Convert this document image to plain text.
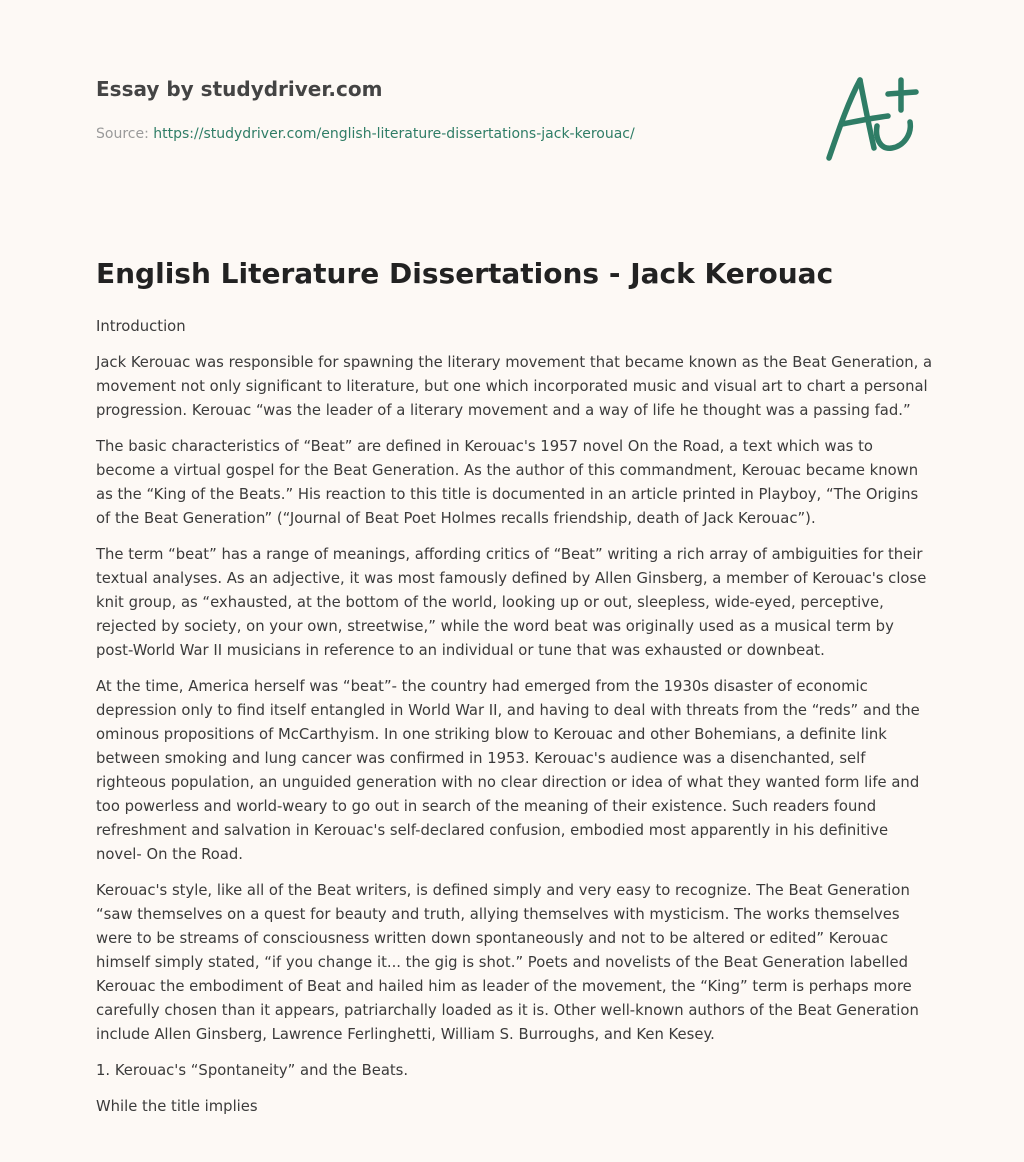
Essay by studydriver.com
Source: https://studydriver.com/english-literature-dissertations-jack-kerouac/
English Literature Dissertations - Jack Kerouac

Introduction

Jack Kerouac was responsible for spawning the literary movement that became known as the Beat Generation, a movement not only significant to literature, but one which incorporated music and visual art to chart a personal progression. Kerouac “was the leader of a literary movement and a way of life he thought was a passing fad.”

The basic characteristics of “Beat” are defined in Kerouac's 1957 novel On the Road, a text which was to become a virtual gospel for the Beat Generation. As the author of this commandment, Kerouac became known as the “King of the Beats.” His reaction to this title is documented in an article printed in Playboy, “The Origins of the Beat Generation” (“Journal of Beat Poet Holmes recalls friendship, death of Jack Kerouac”).

The term “beat” has a range of meanings, affording critics of “Beat” writing a rich array of ambiguities for their textual analyses. As an adjective, it was most famously defined by Allen Ginsberg, a member of Kerouac's close knit group, as “exhausted, at the bottom of the world, looking up or out, sleepless, wide-eyed, perceptive, rejected by society, on your own, streetwise,” while the word beat was originally used as a musical term by post-World War II musicians in reference to an individual or tune that was exhausted or downbeat.

At the time, America herself was “beat”- the country had emerged from the 1930s disaster of economic depression only to find itself entangled in World War II, and having to deal with threats from the “reds” and the ominous propositions of McCarthyism. In one striking blow to Kerouac and other Bohemians, a definite link between smoking and lung cancer was confirmed in 1953. Kerouac's audience was a disenchanted, self righteous population, an unguided generation with no clear direction or idea of what they wanted form life and too powerless and world-weary to go out in search of the meaning of their existence. Such readers found refreshment and salvation in Kerouac's self-declared confusion, embodied most apparently in his definitive novel- On the Road.

Kerouac's style, like all of the Beat writers, is defined simply and very easy to recognize. The Beat Generation “saw themselves on a quest for beauty and truth, allying themselves with mysticism. The works themselves were to be streams of consciousness written down spontaneously and not to be altered or edited” Kerouac himself simply stated, “if you change it... the gig is shot.” Poets and novelists of the Beat Generation labelled Kerouac the embodiment of Beat and hailed him as leader of the movement, the “King” term is perhaps more carefully chosen than it appears, patriarchally loaded as it is. Other well-known authors of the Beat Generation include Allen Ginsberg, Lawrence Ferlinghetti, William S. Burroughs, and Ken Kesey.

1. Kerouac's “Spontaneity” and the Beats.

While the title implies
